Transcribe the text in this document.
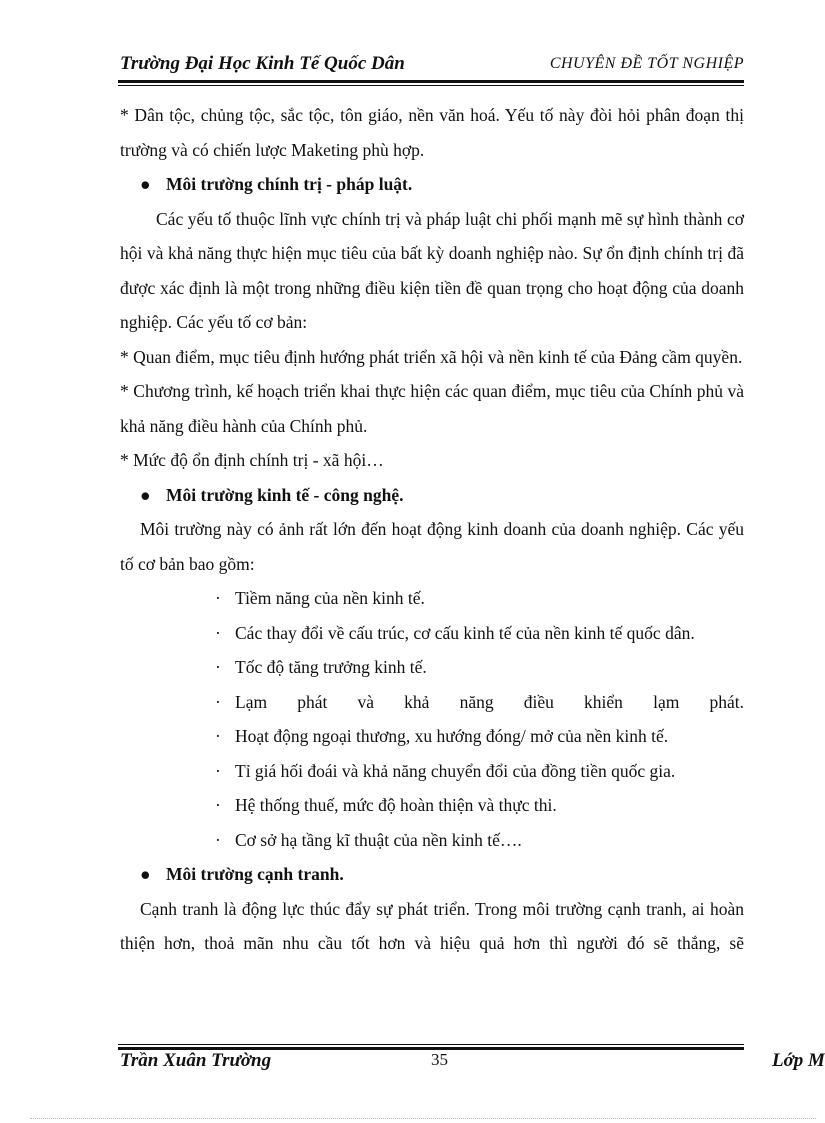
Trường Đại Học Kinh Tế Quốc Dân	CHUYÊN ĐỀ TỐT NGHIỆP

* Dân tộc, chủng tộc, sắc tộc, tôn giáo, nền văn hoá. Yếu tố này đòi hỏi phân đoạn thị trường và có chiến lược Maketing phù hợp.

● Môi trường chính trị - pháp luật.

Các yếu tố thuộc lĩnh vực chính trị và pháp luật chi phối mạnh mẽ sự hình thành cơ hội và khả năng thực hiện mục tiêu của bất kỳ doanh nghiệp nào. Sự ổn định chính trị đã được xác định là một trong những điều kiện tiền đề quan trọng cho hoạt động của doanh nghiệp. Các yếu tố cơ bản:

* Quan điểm, mục tiêu định hướng phát triển xã hội và nền kinh tế của Đảng cầm quyền.

* Chương trình, kế hoạch triển khai thực hiện các quan điểm, mục tiêu của Chính phủ và khả năng điều hành của Chính phủ.

* Mức độ ổn định chính trị - xã hội…

● Môi trường kinh tế - công nghệ.

Môi trường này có ảnh rất lớn đến hoạt động kinh doanh của doanh nghiệp. Các yếu tố cơ bản bao gồm:

· Tiềm năng của nền kinh tế.
· Các thay đổi về cấu trúc, cơ cấu kinh tế của nền kinh tế quốc dân.
· Tốc độ tăng trưởng kinh tế.
· Lạm phát và khả năng điều khiển lạm phát.
· Hoạt động ngoại thương, xu hướng đóng/ mở của nền kinh tế.
· Tỉ giá hối đoái và khả năng chuyển đổi của đồng tiền quốc gia.
· Hệ thống thuế, mức độ hoàn thiện và thực thi.
· Cơ sở hạ tầng kĩ thuật của nền kinh tế….

● Môi trường cạnh tranh.

Cạnh tranh là động lực thúc đẩy sự phát triển. Trong môi trường cạnh tranh, ai hoàn thiện hơn, thoả mãn nhu cầu tốt hơn và hiệu quả hơn thì người đó sẽ thắng, sẽ

Trần Xuân Trường	35	Lớp M
